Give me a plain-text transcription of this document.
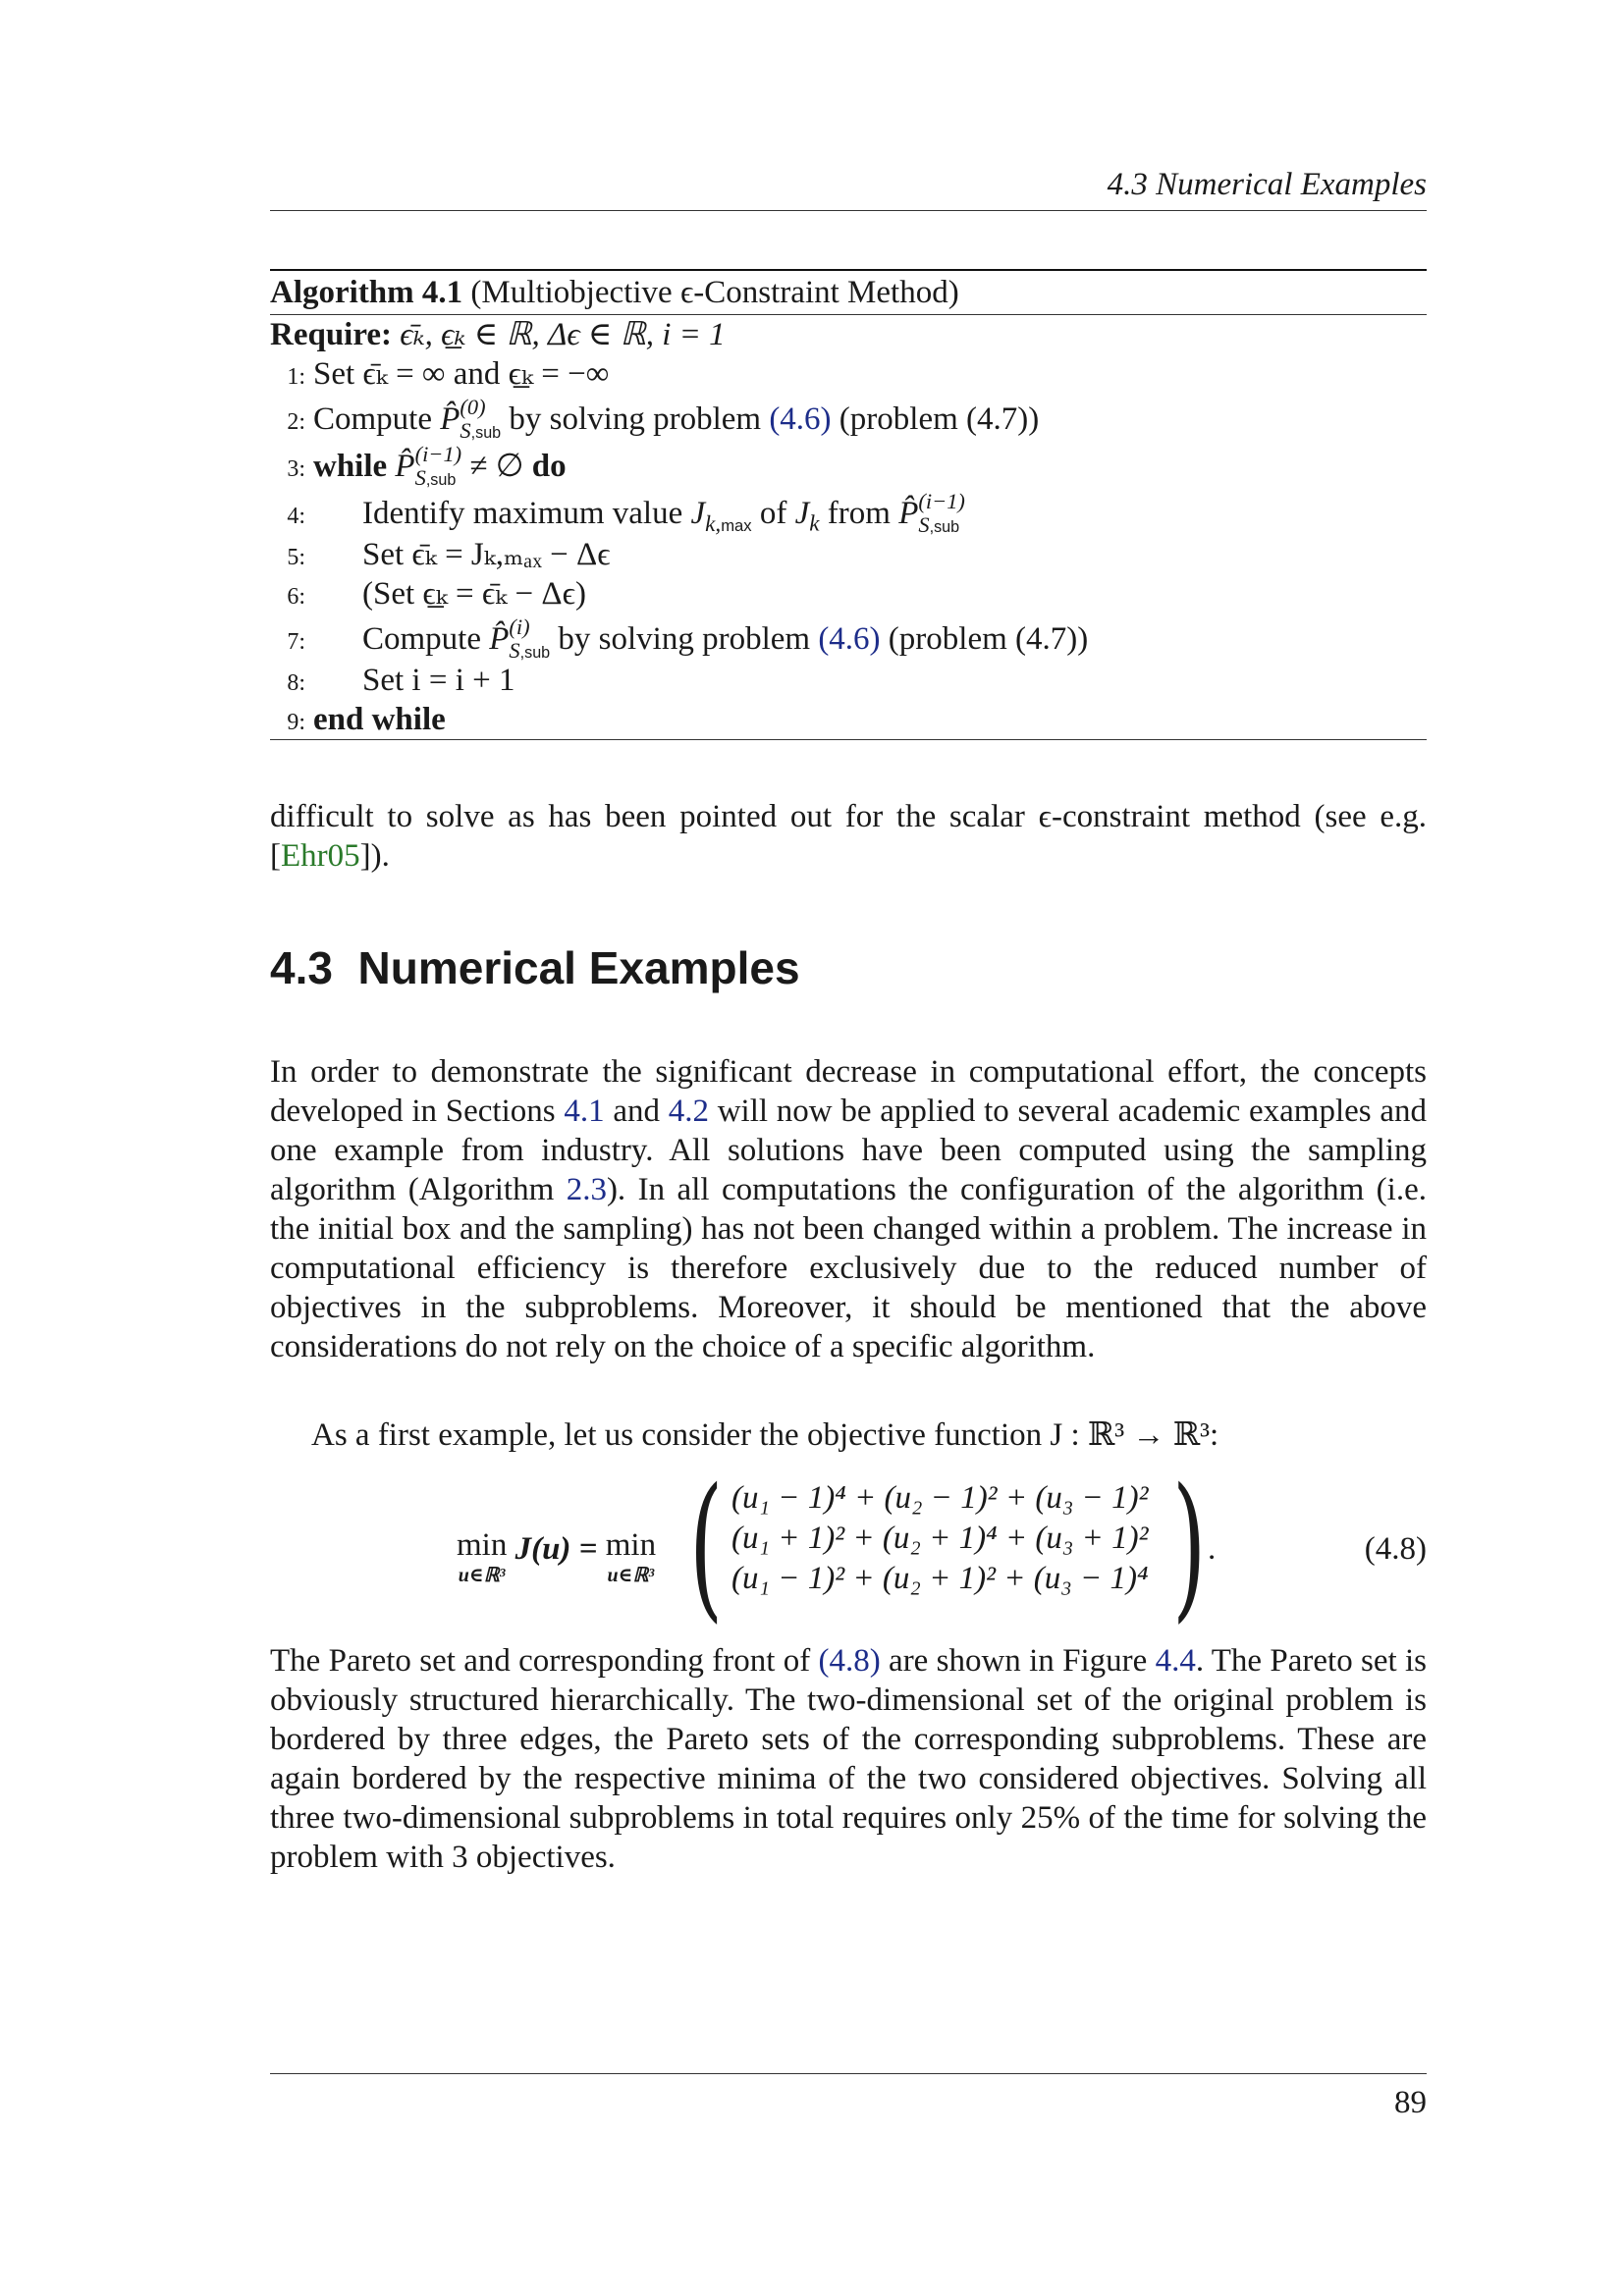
4.3 Numerical Examples
Algorithm 4.1 (Multiobjective ϵ-Constraint Method)
Require: ϵ̄ₖ, ϵ̲ₖ ∈ ℝ, Δϵ ∈ ℝ, i = 1
1: Set ϵ̄ₖ = ∞ and ϵ̲ₖ = −∞
2: Compute P̂ (0)
S,sub by solving problem (4.6) (problem (4.7))
3: while P̂ (i−1)
S,sub ≠ ∅ do
4: Identify maximum value $J_{k,max}$ of $J_k$ from P̂ (i−1)
S,sub
5: Set ϵ̄ₖ = Jₖ,ₘₐₓ − Δϵ
6: (Set ϵ̲ₖ = ϵ̄ₖ − Δϵ)
7: Compute P̂ (i)
S,sub by solving problem (4.6) (problem (4.7))
8: Set i = i + 1
9: end while
difficult to solve as has been pointed out for the scalar ϵ-constraint method (see e.g. [Ehr05]).
4.3 Numerical Examples
In order to demonstrate the significant decrease in computational effort, the concepts developed in Sections 4.1 and 4.2 will now be applied to several academic examples and one example from industry. All solutions have been computed using the sampling algorithm (Algorithm 2.3). In all computations the configuration of the algorithm (i.e. the initial box and the sampling) has not been changed within a problem. The increase in computational efficiency is therefore exclusively due to the reduced number of objectives in the subproblems. Moreover, it should be mentioned that the above considerations do not rely on the choice of a specific algorithm.
As a first example, let us consider the objective function J : ℝ³ → ℝ³:
min
u∈ℝ³
J(u) = min
u∈ℝ³ ( (u₁ − 1)⁴ + (u₂ − 1)² + (u₃ − 1)²
(u₁ + 1)² + (u₂ + 1)⁴ + (u₃ + 1)²
(u₁ − 1)² + (u₂ + 1)² + (u₃ − 1)⁴ ) .	(4.8)
The Pareto set and corresponding front of (4.8) are shown in Figure 4.4. The Pareto set is obviously structured hierarchically. The two-dimensional set of the original problem is bordered by three edges, the Pareto sets of the corresponding subproblems. These are again bordered by the respective minima of the two considered objectives. Solving all three two-dimensional subproblems in total requires only 25% of the time for solving the problem with 3 objectives.
89
